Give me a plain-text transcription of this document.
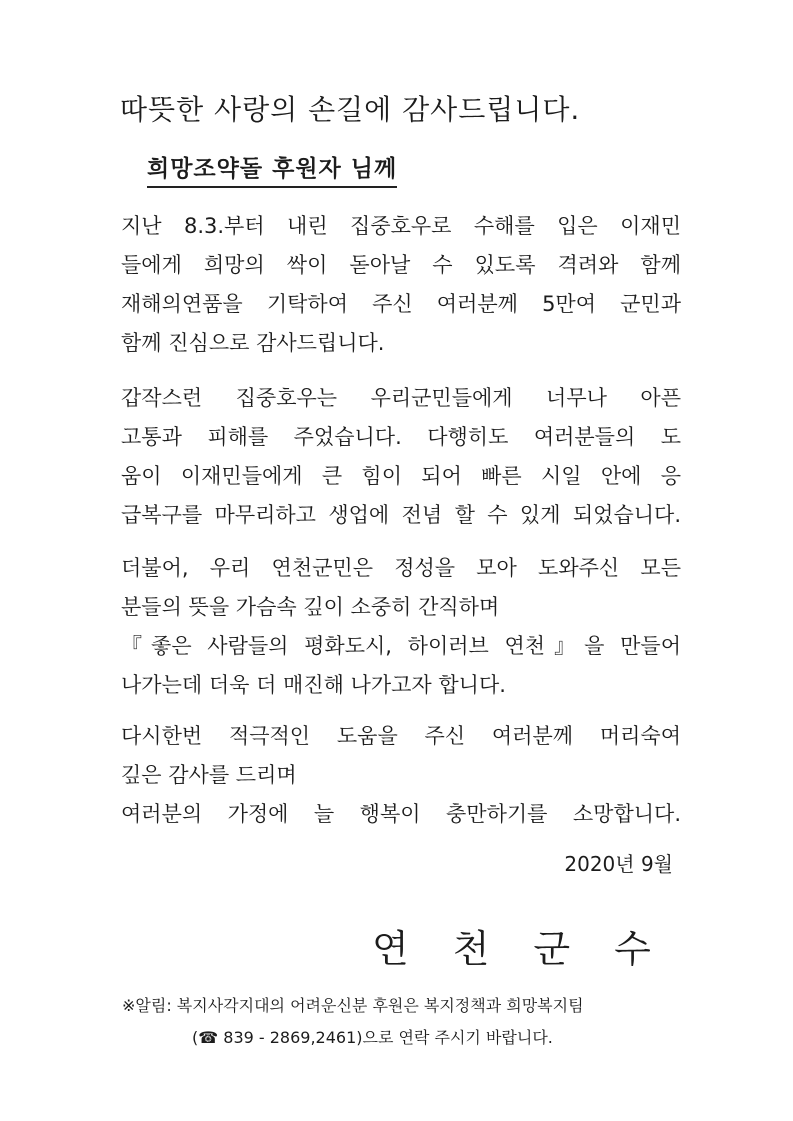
따뜻한 사랑의 손길에 감사드립니다.
희망조약돌 후원자 님께
지난 8.3.부터 내린 집중호우로 수해를 입은 이재민
들에게 희망의 싹이 돋아날 수 있도록 격려와 함께
재해의연품을 기탁하여 주신 여러분께 5만여 군민과
함께 진심으로 감사드립니다.
갑작스런 집중호우는 우리군민들에게 너무나 아픈
고통과 피해를 주었습니다. 다행히도 여러분들의 도
움이 이재민들에게 큰 힘이 되어 빠른 시일 안에 응
급복구를 마무리하고 생업에 전념 할 수 있게 되었습니다.
더불어, 우리 연천군민은 정성을 모아 도와주신 모든
분들의 뜻을 가슴속 깊이 소중히 간직하며
『좋은 사람들의 평화도시, 하이러브 연천』을 만들어
나가는데 더욱 더 매진해 나가고자 합니다.
다시한번 적극적인 도움을 주신 여러분께 머리숙여
깊은 감사를 드리며
여러분의 가정에 늘 행복이 충만하기를 소망합니다.
2020년 9월
연천군수
※알림: 복지사각지대의 어려운신분 후원은 복지정책과 희망복지팀
(☎ 839 - 2869,2461)으로 연락 주시기 바랍니다.
